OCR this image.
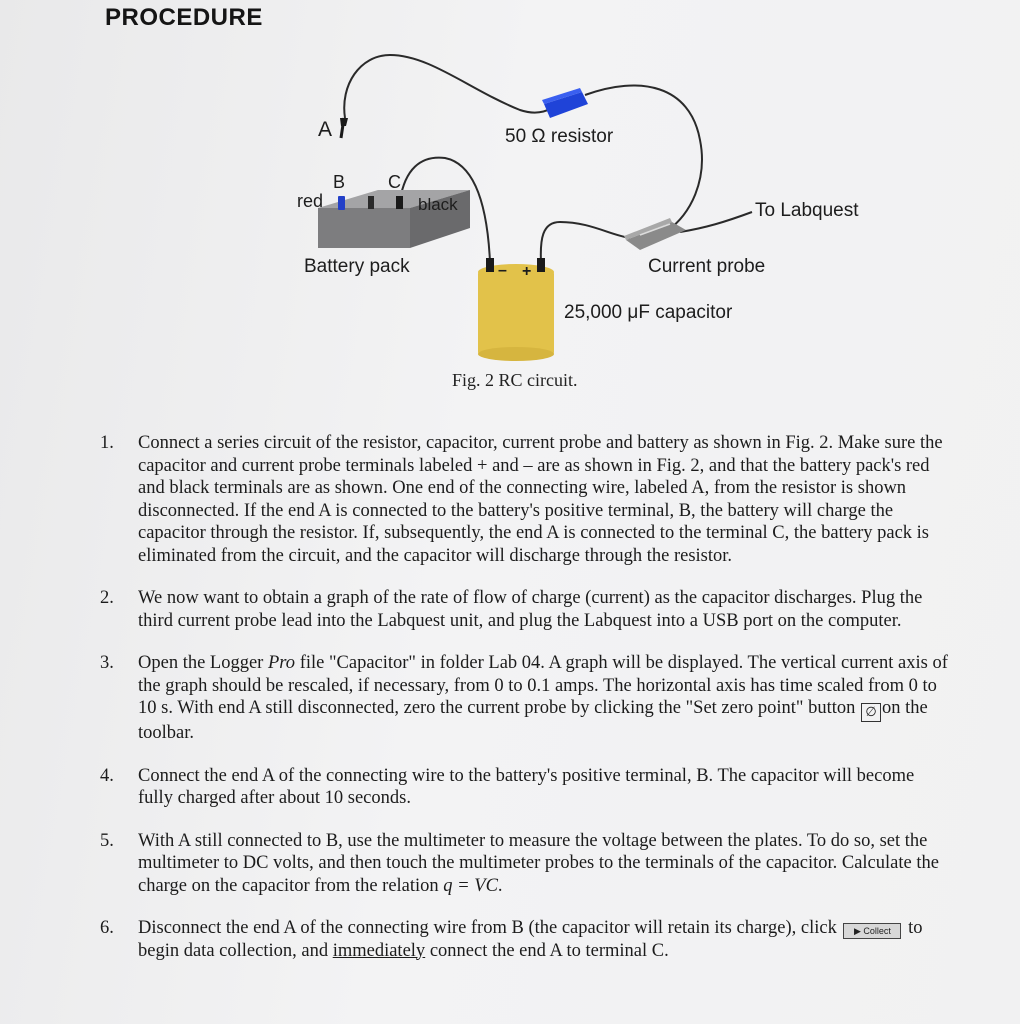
PROCEDURE
A
B C
red	black
50 Ω resistor
To Labquest
Battery pack	Current probe
25,000 μF capacitor
– +
Fig. 2 RC circuit.
1. Connect a series circuit of the resistor, capacitor, current probe and battery as shown in Fig. 2. Make sure the capacitor and current probe terminals labeled + and – are as shown in Fig. 2, and that the battery pack's red and black terminals are as shown. One end of the connecting wire, labeled A, from the resistor is shown disconnected. If the end A is connected to the battery's positive terminal, B, the battery will charge the capacitor through the resistor. If, subsequently, the end A is connected to the terminal C, the battery pack is eliminated from the circuit, and the capacitor will discharge through the resistor.
2. We now want to obtain a graph of the rate of flow of charge (current) as the capacitor discharges. Plug the third current probe lead into the Labquest unit, and plug the Labquest into a USB port on the computer.
3. Open the Logger Pro file "Capacitor" in folder Lab 04. A graph will be displayed. The vertical current axis of the graph should be rescaled, if necessary, from 0 to 0.1 amps. The horizontal axis has time scaled from 0 to 10 s. With end A still disconnected, zero the current probe by clicking the "Set zero point" button ∅ on the toolbar.
4. Connect the end A of the connecting wire to the battery's positive terminal, B. The capacitor will become fully charged after about 10 seconds.
5. With A still connected to B, use the multimeter to measure the voltage between the plates. To do so, set the multimeter to DC volts, and then touch the multimeter probes to the terminals of the capacitor. Calculate the charge on the capacitor from the relation q = VC.
6. Disconnect the end A of the connecting wire from B (the capacitor will retain its charge), click ▶ Collect to begin data collection, and immediately connect the end A to terminal C.
